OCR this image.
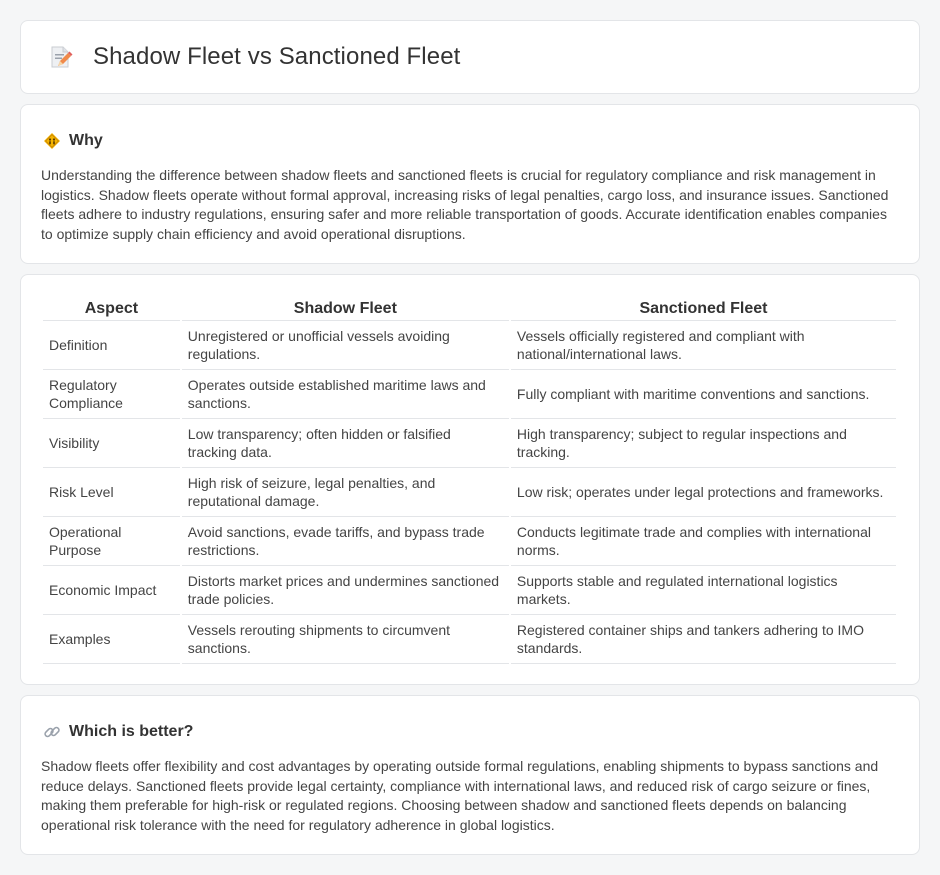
Shadow Fleet vs Sanctioned Fleet
Why

Understanding the difference between shadow fleets and sanctioned fleets is crucial for regulatory compliance and risk management in logistics. Shadow fleets operate without formal approval, increasing risks of legal penalties, cargo loss, and insurance issues. Sanctioned fleets adhere to industry regulations, ensuring safer and more reliable transportation of goods. Accurate identification enables companies to optimize supply chain efficiency and avoid operational disruptions.

Aspect	Shadow Fleet	Sanctioned Fleet
Definition	Unregistered or unofficial vessels avoiding regulations.	Vessels officially registered and compliant with national/international laws.
Regulatory Compliance	Operates outside established maritime laws and sanctions.	Fully compliant with maritime conventions and sanctions.
Visibility	Low transparency; often hidden or falsified tracking data.	High transparency; subject to regular inspections and tracking.
Risk Level	High risk of seizure, legal penalties, and reputational damage.	Low risk; operates under legal protections and frameworks.
Operational Purpose	Avoid sanctions, evade tariffs, and bypass trade restrictions.	Conducts legitimate trade and complies with international norms.
Economic Impact	Distorts market prices and undermines sanctioned trade policies.	Supports stable and regulated international logistics markets.
Examples	Vessels rerouting shipments to circumvent sanctions.	Registered container ships and tankers adhering to IMO standards.
Which is better?

Shadow fleets offer flexibility and cost advantages by operating outside formal regulations, enabling shipments to bypass sanctions and reduce delays. Sanctioned fleets provide legal certainty, compliance with international laws, and reduced risk of cargo seizure or fines, making them preferable for high-risk or regulated regions. Choosing between shadow and sanctioned fleets depends on balancing operational risk tolerance with the need for regulatory adherence in global logistics.
